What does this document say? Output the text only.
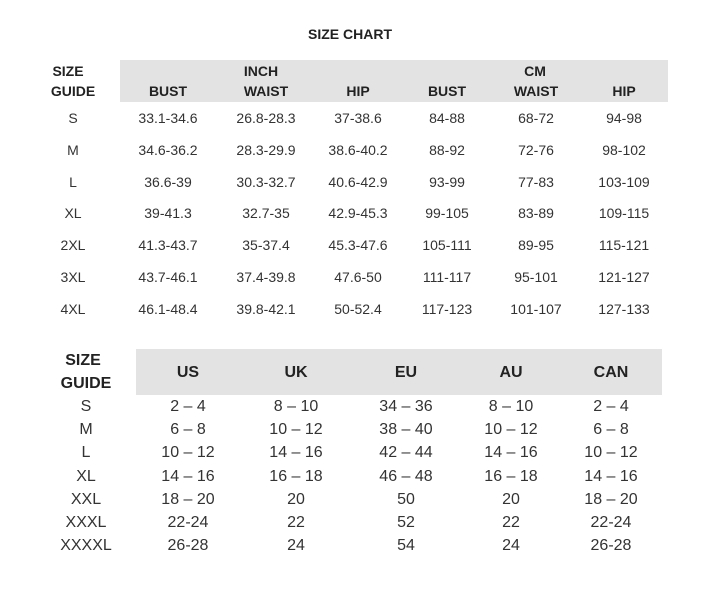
SIZE CHART
SIZE
GUIDE
INCH	CM
BUST	WAIST	HIP	BUST	WAIST	HIP
S	33.1-34.6	26.8-28.3	37-38.6	84-88	68-72	94-98
M	34.6-36.2	28.3-29.9	38.6-40.2	88-92	72-76	98-102
L	36.6-39	30.3-32.7	40.6-42.9	93-99	77-83	103-109
XL	39-41.3	32.7-35	42.9-45.3	99-105	83-89	109-115
2XL	41.3-43.7	35-37.4	45.3-47.6	105-111	89-95	115-121
3XL	43.7-46.1	37.4-39.8	47.6-50	111-117	95-101	121-127
4XL	46.1-48.4	39.8-42.1	50-52.4	117-123	101-107	127-133
SIZE
GUIDE
US	UK	EU	AU	CAN
S	2 – 4	8 – 10	34 – 36	8 – 10	2 – 4
M	6 – 8	10 – 12	38 – 40	10 – 12	6 – 8
L	10 – 12	14 – 16	42 – 44	14 – 16	10 – 12
XL	14 – 16	16 – 18	46 – 48	16 – 18	14 – 16
XXL	18 – 20	20	50	20	18 – 20
XXXL	22-24	22	52	22	22-24
XXXXL	26-28	24	54	24	26-28
